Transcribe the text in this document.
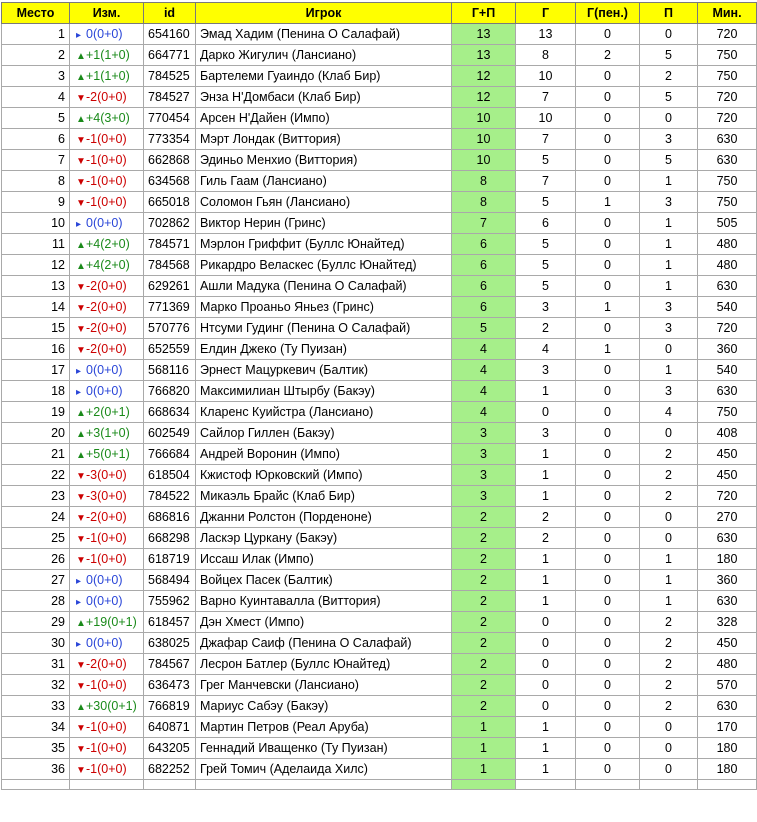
Место	Изм.	id	Игрок	Г+П	Г	Г(пен.)	П	Мин.
1	▸ 0(0+0)	654160	Эмад Хадим (Пенина О Салафай)	13	13	0	0	720
2	▲+1(1+0)	664771	Дарко Жигулич (Лансиано)	13	8	2	5	750
3	▲+1(1+0)	784525	Бартелеми Гуаиндо (Клаб Бир)	12	10	0	2	750
4	▼-2(0+0)	784527	Энза Н'Домбаси (Клаб Бир)	12	7	0	5	720
5	▲+4(3+0)	770454	Арсен Н'Дайен (Импо)	10	10	0	0	720
6	▼-1(0+0)	773354	Мэрт Лондак (Виттория)	10	7	0	3	630
7	▼-1(0+0)	662868	Эдиньо Менхио (Виттория)	10	5	0	5	630
8	▼-1(0+0)	634568	Гиль Гаам (Лансиано)	8	7	0	1	750
9	▼-1(0+0)	665018	Соломон Гьян (Лансиано)	8	5	1	3	750
10	▸ 0(0+0)	702862	Виктор Нерин (Гринс)	7	6	0	1	505
11	▲+4(2+0)	784571	Мэрлон Гриффит (Буллс Юнайтед)	6	5	0	1	480
12	▲+4(2+0)	784568	Рикардро Веласкес (Буллс Юнайтед)	6	5	0	1	480
13	▼-2(0+0)	629261	Ашли Мадука (Пенина О Салафай)	6	5	0	1	630
14	▼-2(0+0)	771369	Марко Проаньо Яньез (Гринс)	6	3	1	3	540
15	▼-2(0+0)	570776	Нтсуми Гудинг (Пенина О Салафай)	5	2	0	3	720
16	▼-2(0+0)	652559	Елдин Джеко (Ту Пуизан)	4	4	1	0	360
17	▸ 0(0+0)	568116	Эрнест Мацуркевич (Балтик)	4	3	0	1	540
18	▸ 0(0+0)	766820	Максимилиан Штырбу (Бакэу)	4	1	0	3	630
19	▲+2(0+1)	668634	Кларенс Куийстра (Лансиано)	4	0	0	4	750
20	▲+3(1+0)	602549	Сайлор Гиллен (Бакэу)	3	3	0	0	408
21	▲+5(0+1)	766684	Андрей Воронин (Импо)	3	1	0	2	450
22	▼-3(0+0)	618504	Кжистоф Юрковский (Импо)	3	1	0	2	450
23	▼-3(0+0)	784522	Микаэль Брайс (Клаб Бир)	3	1	0	2	720
24	▼-2(0+0)	686816	Джанни Ролстон (Порденоне)	2	2	0	0	270
25	▼-1(0+0)	668298	Ласкэр Цуркану (Бакэу)	2	2	0	0	630
26	▼-1(0+0)	618719	Иссаш Илак (Импо)	2	1	0	1	180
27	▸ 0(0+0)	568494	Войцех Пасек (Балтик)	2	1	0	1	360
28	▸ 0(0+0)	755962	Варно Куинтавалла (Виттория)	2	1	0	1	630
29	▲+19(0+1)	618457	Дэн Хмест (Импо)	2	0	0	2	328
30	▸ 0(0+0)	638025	Джафар Саиф (Пенина О Салафай)	2	0	0	2	450
31	▼-2(0+0)	784567	Лесрон Батлер (Буллс Юнайтед)	2	0	0	2	480
32	▼-1(0+0)	636473	Грег Манчевски (Лансиано)	2	0	0	2	570
33	▲+30(0+1)	766819	Мариус Сабэу (Бакэу)	2	0	0	2	630
34	▼-1(0+0)	640871	Мартин Петров (Реал Аруба)	1	1	0	0	170
35	▼-1(0+0)	643205	Геннадий Иващенко (Ту Пуизан)	1	1	0	0	180
36	▼-1(0+0)	682252	Грей Томич (Аделаида Хилс)	1	1	0	0	180
